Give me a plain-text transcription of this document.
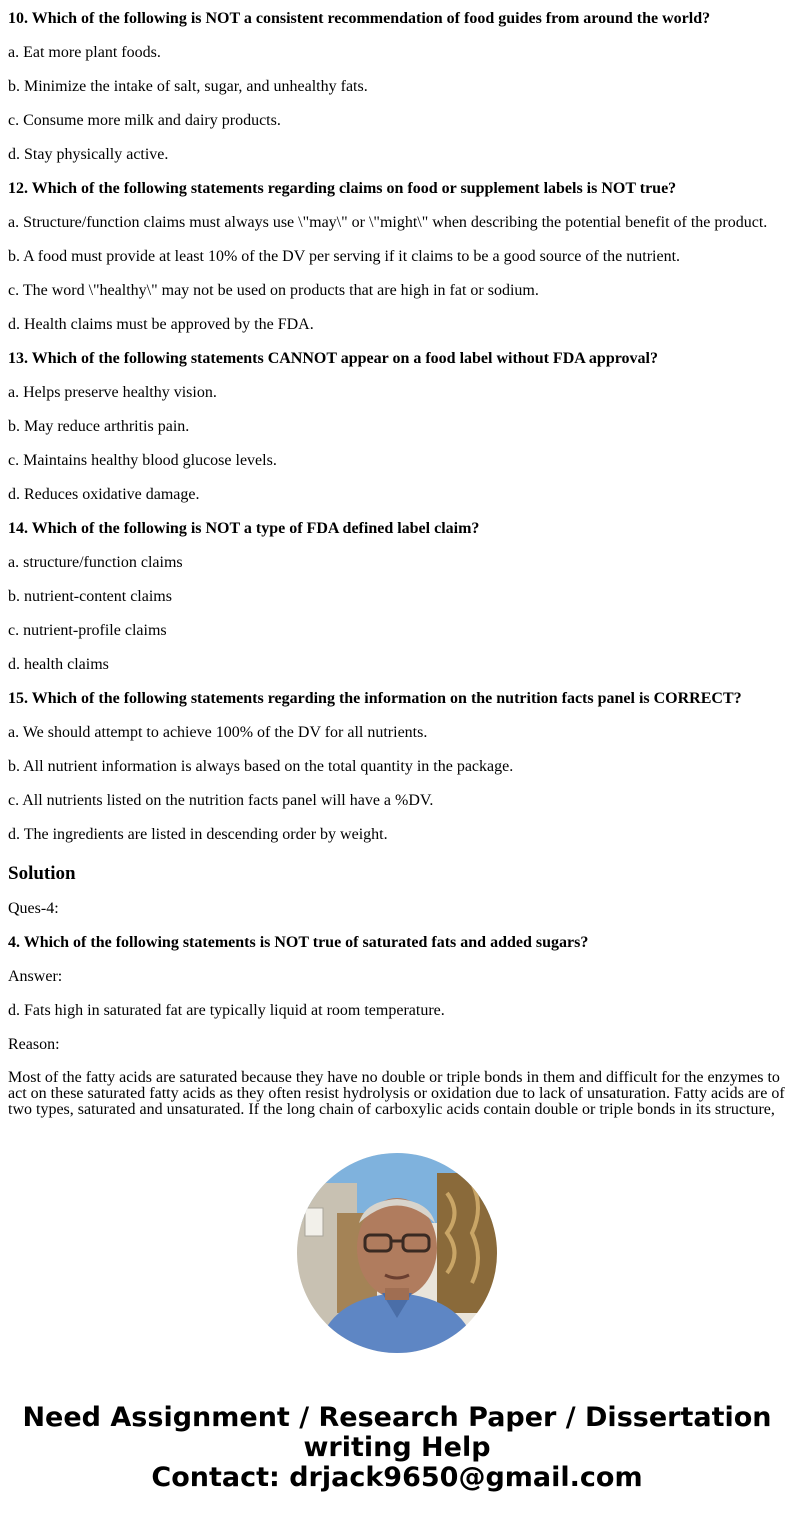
10. Which of the following is NOT a consistent recommendation of food guides from around the world?

a. Eat more plant foods.

b. Minimize the intake of salt, sugar, and unhealthy fats.

c. Consume more milk and dairy products.

d. Stay physically active.

12. Which of the following statements regarding claims on food or supplement labels is NOT true?

a. Structure/function claims must always use \"may\" or \"might\" when describing the potential benefit of the product.

b. A food must provide at least 10% of the DV per serving if it claims to be a good source of the nutrient.

c. The word \"healthy\" may not be used on products that are high in fat or sodium.

d. Health claims must be approved by the FDA.

13. Which of the following statements CANNOT appear on a food label without FDA approval?

a. Helps preserve healthy vision.

b. May reduce arthritis pain.

c. Maintains healthy blood glucose levels.

d. Reduces oxidative damage.

14. Which of the following is NOT a type of FDA defined label claim?

a. structure/function claims

b. nutrient-content claims

c. nutrient-profile claims

d. health claims

15. Which of the following statements regarding the information on the nutrition facts panel is CORRECT?

a. We should attempt to achieve 100% of the DV for all nutrients.

b. All nutrient information is always based on the total quantity in the package.

c. All nutrients listed on the nutrition facts panel will have a %DV.

d. The ingredients are listed in descending order by weight.

Solution

Ques-4:

4. Which of the following statements is NOT true of saturated fats and added sugars?

Answer:

d. Fats high in saturated fat are typically liquid at room temperature.

Reason:

Most of the fatty acids are saturated because they have no double or triple bonds in them and difficult for the enzymes to act on these saturated fatty acids as they often resist hydrolysis or oxidation due to lack of unsaturation. Fatty acids are of two types, saturated and unsaturated. If the long chain of carboxylic acids contain double or triple bonds in its structure,

Need Assignment / Research Paper / Dissertation
writing Help
Contact: drjack9650@gmail.com
